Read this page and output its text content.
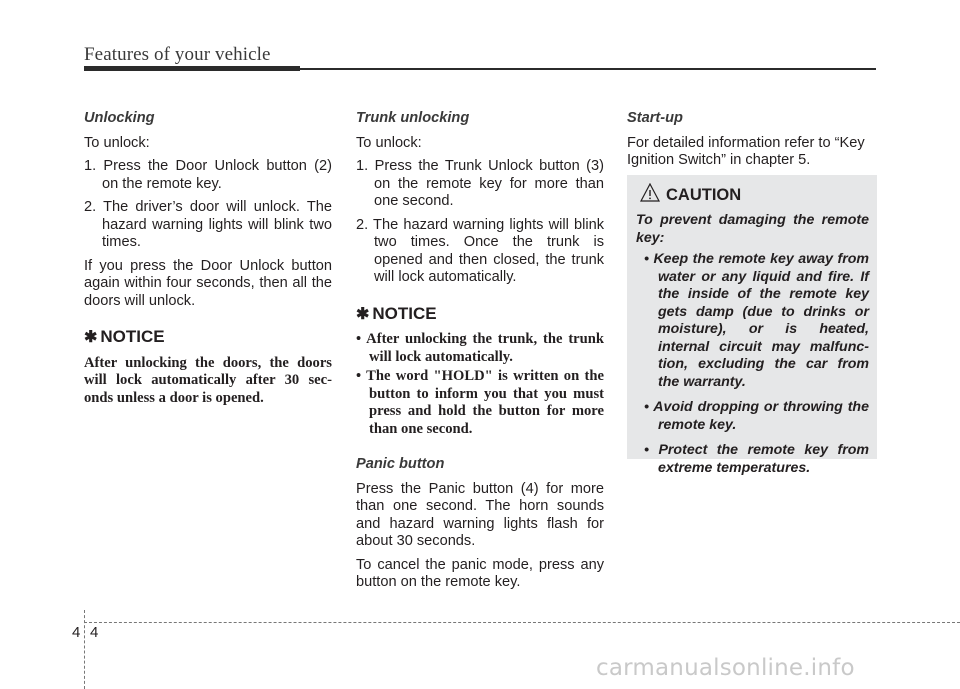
Features of your vehicle
Unlocking

To unlock:

1. Press the Door Unlock button (2) on the remote key.
2. The driver’s door will unlock. The hazard warning lights will blink two times.

If you press the Door Unlock button again within four seconds, then all the doors will unlock.

✱ NOTICE

After unlocking the doors, the doors will lock automatically after 30 sec-onds unless a door is opened.

Trunk unlocking

To unlock:

1. Press the Trunk Unlock button (3) on the remote key for more than one second.
2. The hazard warning lights will blink two times. Once the trunk is opened and then closed, the trunk will lock automatically.
✱ NOTICE
• After unlocking the trunk, the trunk will lock automatically.
• The word "HOLD" is written on the button to inform you that you must press and hold the button for more than one second.
Panic button

Press the Panic button (4) for more than one second. The horn sounds and hazard warning lights flash for about 30 seconds.

To cancel the panic mode, press any button on the remote key.

Start-up

For detailed information refer to “Key Ignition Switch” in chapter 5.

CAUTION

To prevent damaging the remote key:

• Keep the remote key away from water or any liquid and fire. If the inside of the remote key gets damp (due to drinks or moisture), or is heated, internal circuit may malfunc-tion, excluding the car from the warranty.
• Avoid dropping or throwing the remote key.
• Protect the remote key from extreme temperatures.
4 4
carmanualsonline.info
